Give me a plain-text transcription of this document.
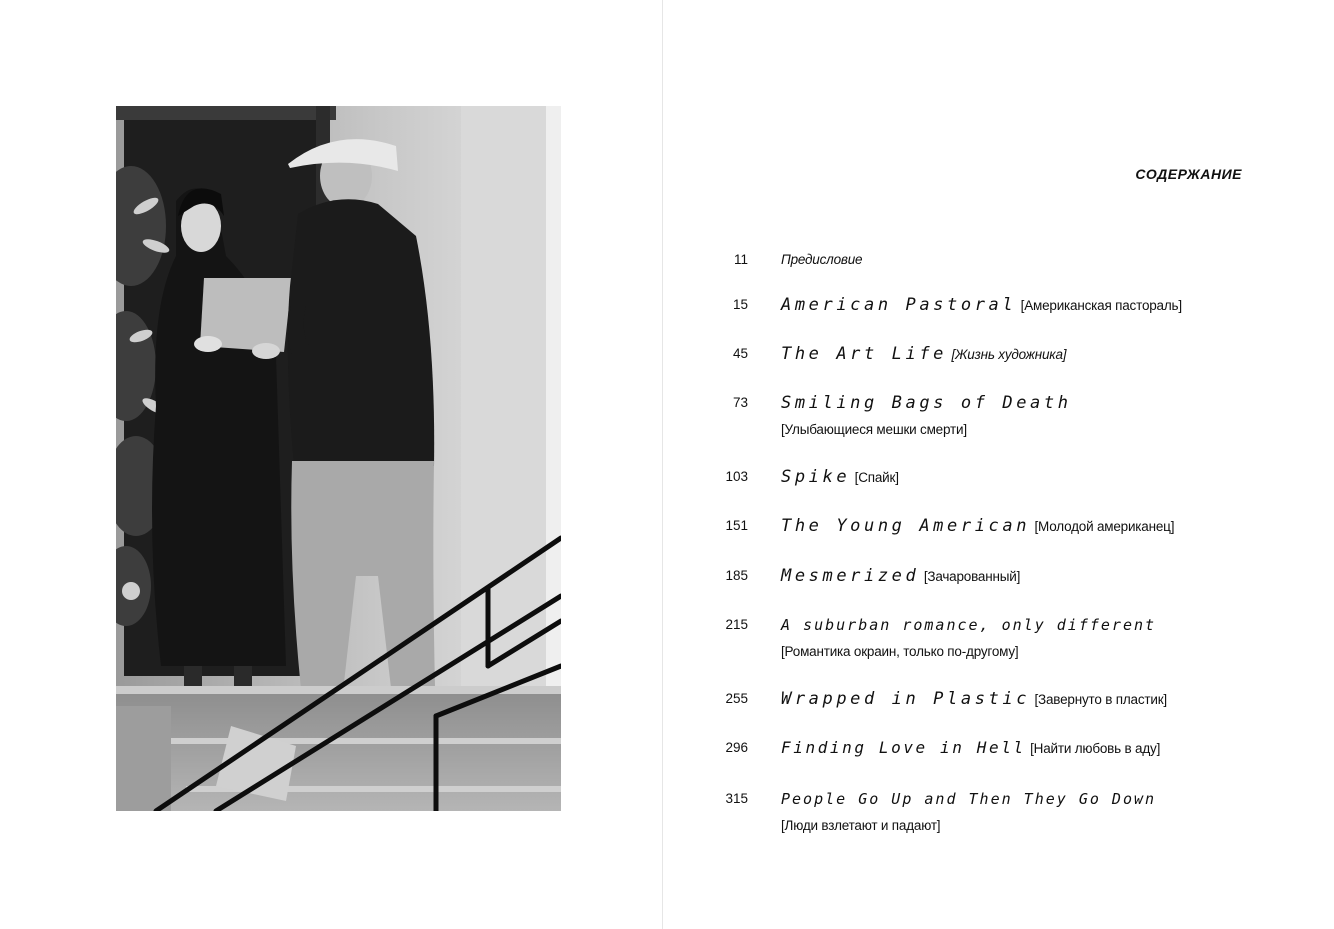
СОДЕРЖАНИЕ
11 Предисловие
15 American Pastoral [Американская пастораль]
45 The Art Life [Жизнь художника]
73 Smiling Bags of Death
[Улыбающиеся мешки смерти]
103 Spike [Спайк]
151 The Young American [Молодой американец]
185 Mesmerized [Зачарованный]
215 A suburban romance, only different
[Романтика окраин, только по-другому]
255 Wrapped in Plastic [Завернуто в пластик]
296 Finding Love in Hell [Найти любовь в аду]
315 People Go Up and Then They Go Down
[Люди взлетают и падают]
